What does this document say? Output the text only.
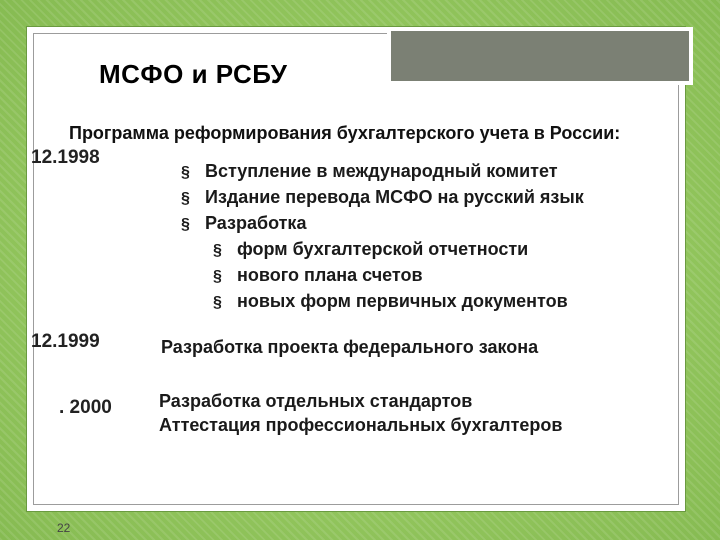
МСФО и РСБУ

Программа реформирования бухгалтерского учета в России:

12.1998
§ Вступление в международный комитет
§ Издание перевода МСФО на русский язык
§ Разработка
§ форм бухгалтерской отчетности
§ нового плана счетов
§ новых форм первичных документов
12.1999	Разработка проекта федерального закона
. 2000	Разработка отдельных стандартов
Аттестация профессиональных бухгалтеров
22
